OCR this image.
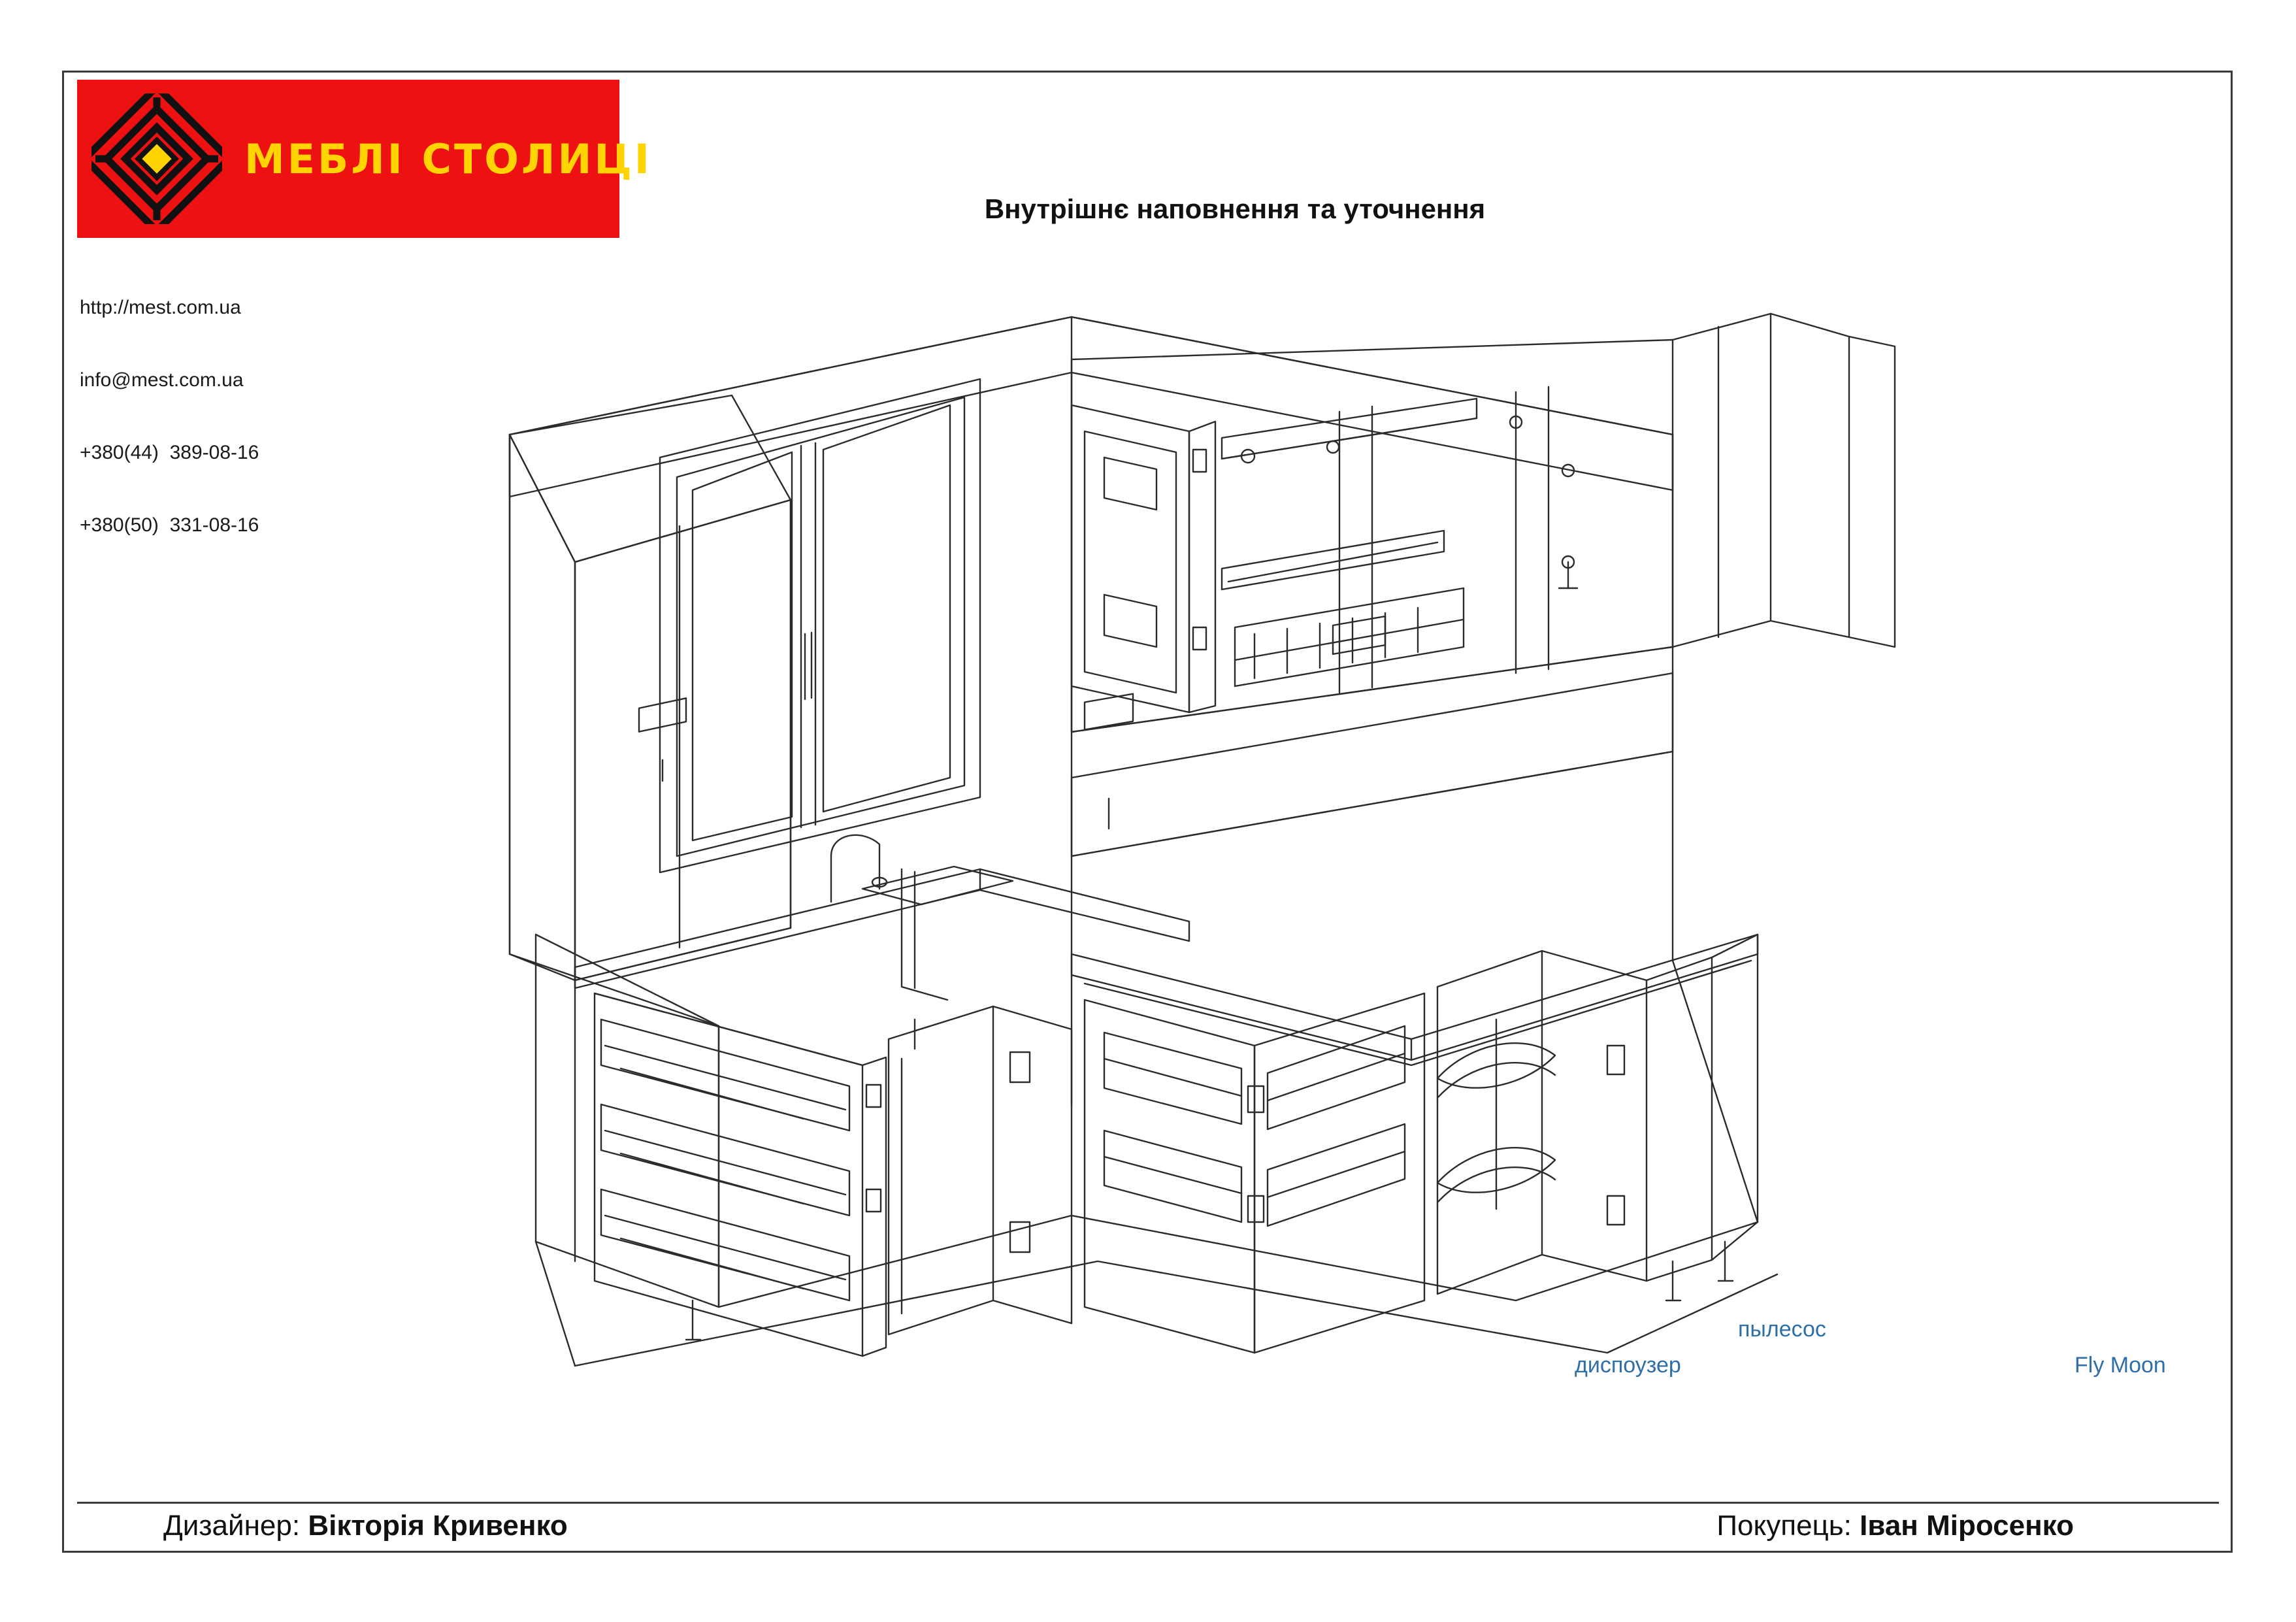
МЕБЛІ СТОЛИЦІ

http://mest.com.ua

info@mest.com.ua

+380(44)  389-08-16

+380(50)  331-08-16

Внутрішнє наповнення та уточнення
диспоузер
пылесос
Fly Moon
Дизайнер: Вікторія Кривенко	Покупець: Іван Міросенко
